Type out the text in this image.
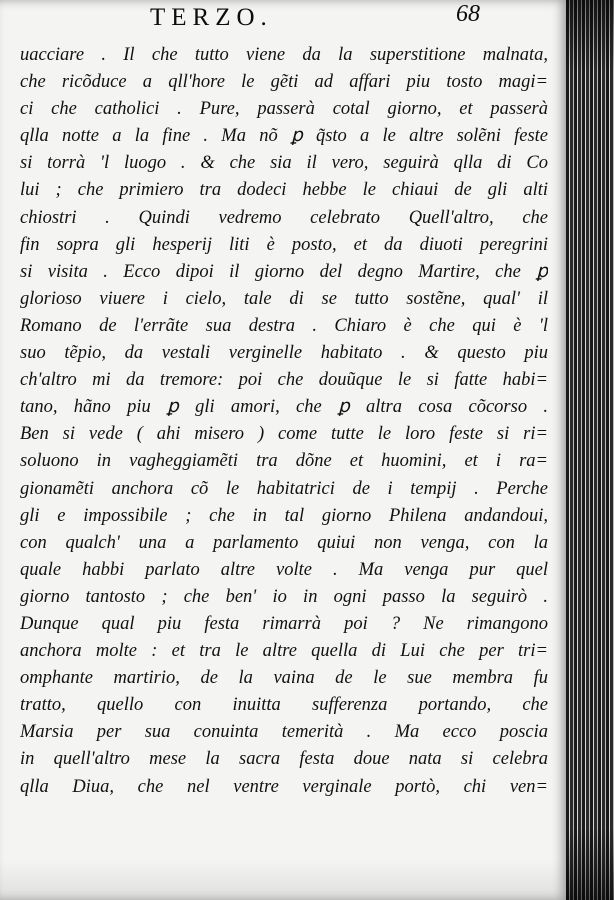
TERZO.	68
uacciare . Il che tutto viene da la superstitione malnata,
che ricõduce a qll'hore le gẽti ad affari piu tosto magi=
ci che catholici . Pure, passerà cotal giorno, et passerà
qlla notte a la fine . Ma nõ ꝑ q̃sto a le altre solẽni feste
si torrà 'l luogo . & che sia il vero, seguirà qlla di Co
lui ; che primiero tra dodeci hebbe le chiaui de gli alti
chiostri . Quindi vedremo celebrato Quell'altro, che
fin sopra gli hesperij liti è posto, et da diuoti peregrini
si visita . Ecco dipoi il giorno del degno Martire, che ꝑ
glorioso viuere i cielo, tale di se tutto sostẽne, qual' il
Romano de l'errãte sua destra . Chiaro è che qui è 'l
suo tẽpio, da vestali verginelle habitato . & questo piu
ch'altro mi da tremore: poi che douũque le si fatte habi=
tano, hãno piu ꝑ gli amori, che ꝑ altra cosa cõcorso .
Ben si vede ( ahi misero ) come tutte le loro feste si ri=
soluono in vagheggiamẽti tra dõne et huomini, et i ra=
gionamẽti anchora cõ le habitatrici de i tempij . Perche
gli e impossibile ; che in tal giorno Philena andandoui,
con qualch' una a parlamento quiui non venga, con la
quale habbi parlato altre volte . Ma venga pur quel
giorno tantosto ; che ben' io in ogni passo la seguirò .
Dunque qual piu festa rimarrà poi ? Ne rimangono
anchora molte : et tra le altre quella di Lui che per tri=
omphante martirio, de la vaina de le sue membra fu
tratto, quello con inuitta sufferenza portando, che
Marsia per sua conuinta temerità . Ma ecco poscia
in quell'altro mese la sacra festa doue nata si celebra
qlla Diua, che nel ventre verginale portò, chi ven=
